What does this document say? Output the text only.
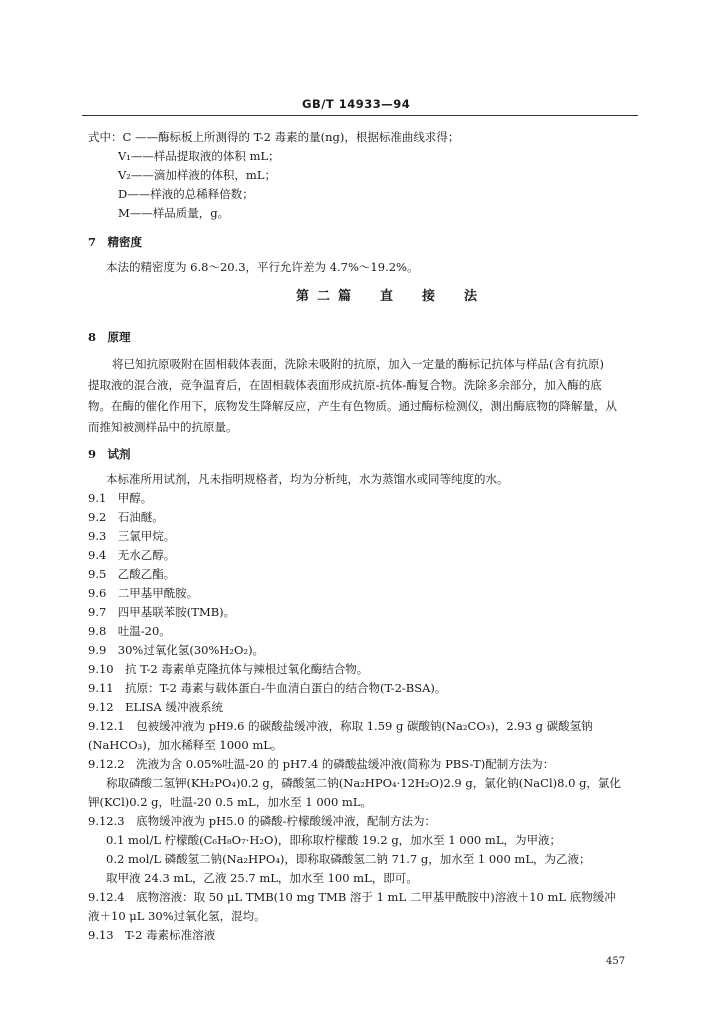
GB/T 14933—94
式中：C ——酶标板上所测得的 T-2 毒素的量(ng)，根据标准曲线求得；
V₁——样品提取液的体积 mL；
V₂——滴加样液的体积，mL；
D——样液的总稀释倍数；
M——样品质量，g。
7　精密度
本法的精密度为 6.8～20.3，平行允许差为 4.7%～19.2%。
第二篇　直　接　法
8　原理
将已知抗原吸附在固相载体表面，洗除未吸附的抗原，加入一定量的酶标记抗体与样品(含有抗原)
提取液的混合液，竞争温育后，在固相载体表面形成抗原-抗体-酶复合物。洗除多余部分，加入酶的底
物。在酶的催化作用下，底物发生降解反应，产生有色物质。通过酶标检测仪，测出酶底物的降解量，从
而推知被测样品中的抗原量。
9　试剂
本标准所用试剂，凡未指明规格者，均为分析纯，水为蒸馏水或同等纯度的水。
9.1　甲醇。
9.2　石油醚。
9.3　三氯甲烷。
9.4　无水乙醇。
9.5　乙酸乙酯。
9.6　二甲基甲酰胺。
9.7　四甲基联苯胺(TMB)。
9.8　吐温-20。
9.9　30%过氧化氢(30%H₂O₂)。
9.10　抗 T-2 毒素单克隆抗体与辣根过氧化酶结合物。
9.11　抗原：T-2 毒素与载体蛋白-牛血清白蛋白的结合物(T-2-BSA)。
9.12　ELISA 缓冲液系统
9.12.1　包被缓冲液为 pH9.6 的碳酸盐缓冲液，称取 1.59 g 碳酸钠(Na₂CO₃)，2.93 g 碳酸氢钠
(NaHCO₃)，加水稀释至 1000 mL。
9.12.2　洗液为含 0.05%吐温-20 的 pH7.4 的磷酸盐缓冲液(简称为 PBS-T)配制方法为：
称取磷酸二氢钾(KH₂PO₄)0.2 g，磷酸氢二钠(Na₂HPO₄·12H₂O)2.9 g，氯化钠(NaCl)8.0 g，氯化
钾(KCl)0.2 g，吐温-20 0.5 mL，加水至 1 000 mL。
9.12.3　底物缓冲液为 pH5.0 的磷酸-柠檬酸缓冲液，配制方法为：
0.1 mol/L 柠檬酸(C₆H₈O₇·H₂O)，即称取柠檬酸 19.2 g，加水至 1 000 mL，为甲液；
0.2 mol/L 磷酸氢二钠(Na₂HPO₄)，即称取磷酸氢二钠 71.7 g，加水至 1 000 mL，为乙液；
取甲液 24.3 mL，乙液 25.7 mL，加水至 100 mL，即可。
9.12.4　底物溶液：取 50 μL TMB(10 mg TMB 溶于 1 mL 二甲基甲酰胺中)溶液＋10 mL 底物缓冲
液＋10 μL 30%过氧化氢，混均。
9.13　T-2 毒素标准溶液
457
